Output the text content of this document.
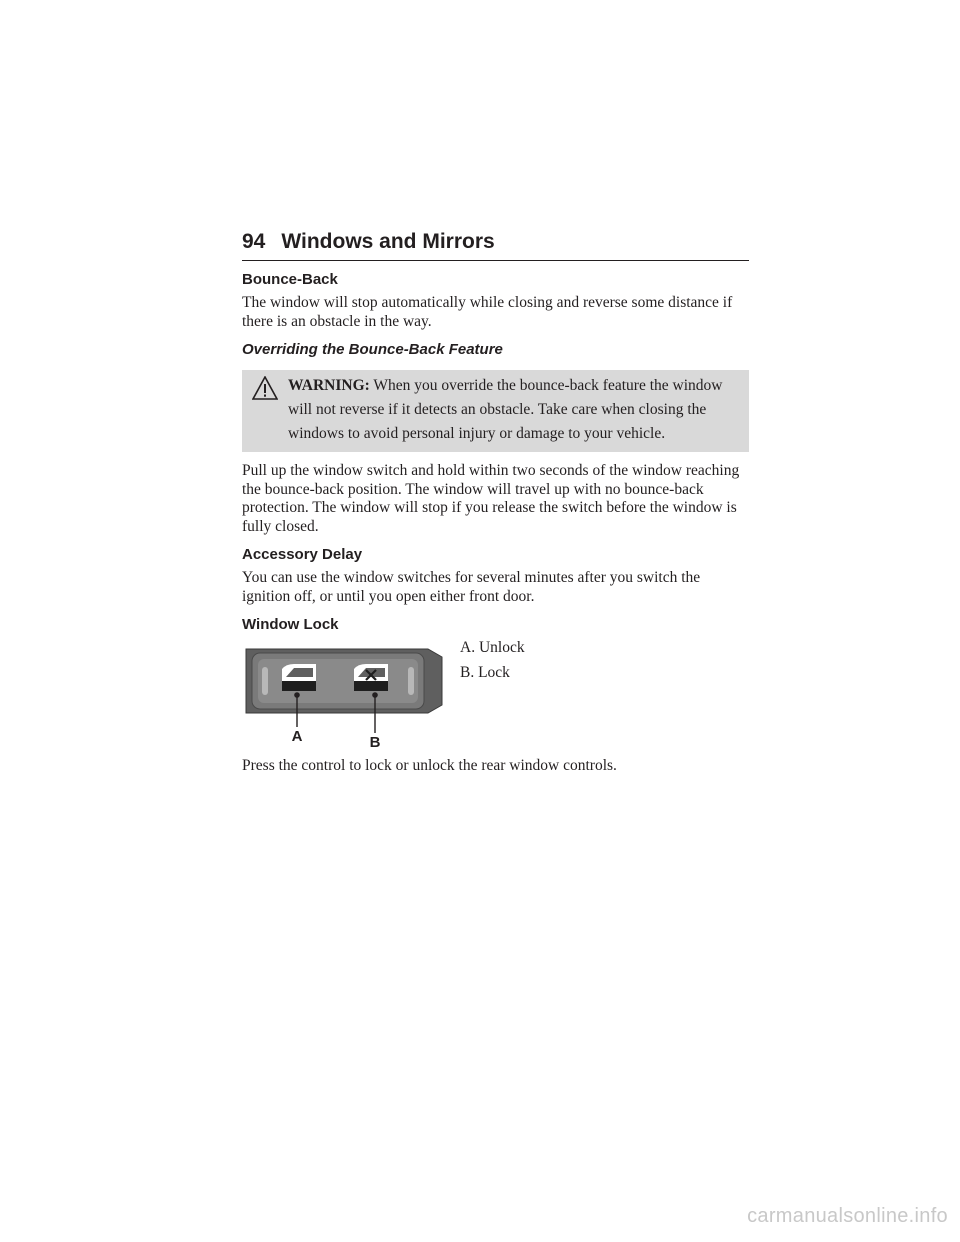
94 Windows and Mirrors
Bounce-Back

The window will stop automatically while closing and reverse some distance if there is an obstacle in the way.

Overriding the Bounce-Back Feature
WARNING: When you override the bounce-back feature the window will not reverse if it detects an obstacle. Take care when closing the windows to avoid personal injury or damage to your vehicle.

Pull up the window switch and hold within two seconds of the window reaching the bounce-back position. The window will travel up with no bounce-back protection. The window will stop if you release the switch before the window is fully closed.

Accessory Delay

You can use the window switches for several minutes after you switch the ignition off, or until you open either front door.

Window Lock
A	B
A. Unlock
B. Lock

Press the control to lock or unlock the rear window controls.

carmanualsonline.info
